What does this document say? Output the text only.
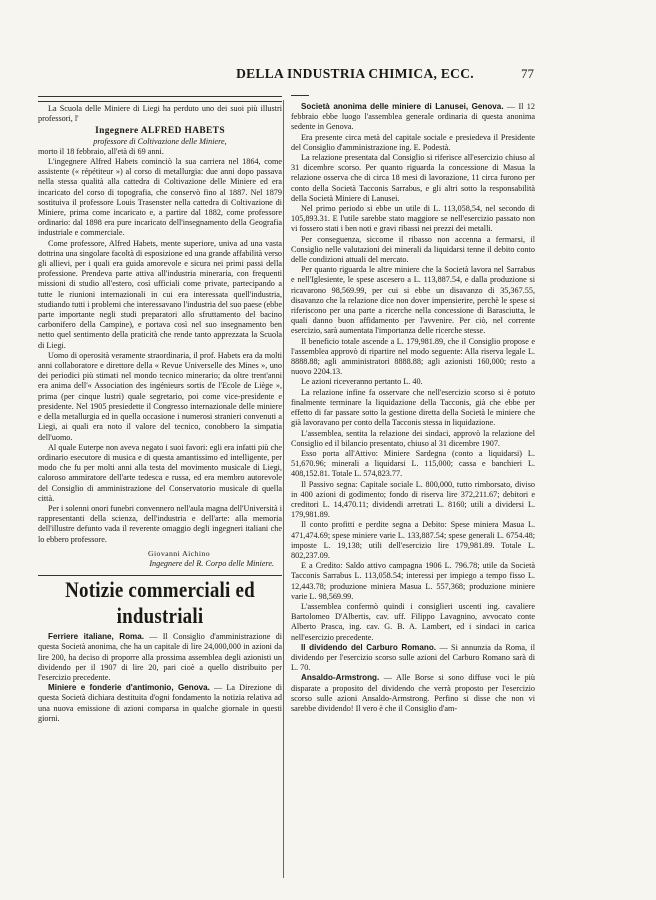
DELLA INDUSTRIA CHIMICA, ECC.	77

La Scuola delle Miniere di Liegi ha perduto uno dei suoi più illustri professori, l'

Ingegnere ALFRED HABETS

professore di Coltivazione delle Miniere,

morto il 18 febbraio, all'età di 69 anni.

L'ingegnere Alfred Habets cominciò la sua carriera nel 1864, come assistente (« répétiteur ») al corso di metallurgia: due anni dopo passava nella stessa qualità alla cattedra di Coltivazione delle Miniere ed era incaricato del corso di topografia, che conservò fino al 1887. Nel 1879 sostituiva il professore Louis Trasenster nella cattedra di Coltivazione di Miniere, prima come incaricato e, a partire dal 1882, come professore ordinario: dal 1898 era pure incaricato dell'insegnamento della Geografia industriale e commerciale.

Come professore, Alfred Habets, mente superiore, univa ad una vasta dottrina una singolare facoltà di esposizione ed una grande affabilità verso gli allievi, per i quali era guida amorevole e sicura nei primi passi della professione. Prendeva parte attiva all'industria mineraria, con frequenti missioni di studio all'estero, così ufficiali come private, partecipando a tutte le riunioni internazionali in cui era interessata quell'industria, studiando tutti i problemi che interessavano l'industria del suo paese (ebbe parte importante negli studi preparatori allo sfruttamento del bacino carbonifero della Campine), e portava così nel suo insegnamento ben netto quel sentimento della praticità che rende tanto apprezzata la Scuola di Liegi.

Uomo di operosità veramente straordinaria, il prof. Habets era da molti anni collaboratore e direttore della « Revue Universelle des Mines », uno dei periodici più stimati nel mondo tecnico minerario; da oltre trent'anni era anima dell'« Association des ingénieurs sortis de l'Ecole de Liège », prima (per cinque lustri) quale segretario, poi come vice-presidente e presidente. Nel 1905 presiedette il Congresso internazionale delle miniere e della metallurgia ed in quella occasione i numerosi stranieri convenuti a Liegi, ai quali era noto il valore del tecnico, conobbero la simpatia dell'uomo.

Al quale Euterpe non aveva negato i suoi favori: egli era infatti più che ordinario esecutore di musica e di questa amantissimo ed intelligente, per modo che fu per molti anni alla testa del movimento musicale di Liegi, caloroso ammiratore dell'arte tedesca e russa, ed era membro autorevole del Consiglio di amministrazione del Conservatorio musicale di quella città.

Per i solenni onori funebri convennero nell'aula magna dell'Università i rappresentanti della scienza, dell'industria e dell'arte: alla memoria dell'illustre defunto vada il reverente omaggio degli ingegneri italiani che lo ebbero professore.

Giovanni Aichino

Ingegnere del R. Corpo delle Miniere.

Notizie commerciali ed industriali

Ferriere italiane, Roma. — Il Consiglio d'amministrazione di questa Società anonima, che ha un capitale di lire 24,000,000 in azioni da lire 200, ha deciso di proporre alla prossima assemblea degli azionisti un dividendo per il 1907 di lire 20, pari cioè a quello distribuito per l'esercizio precedente.

Miniere e fonderie d'antimonio, Genova. — La Direzione di questa Società dichiara destituita d'ogni fondamento la notizia relativa ad una nuova emissione di azioni comparsa in qualche giornale in questi giorni.

Società anonima delle miniere di Lanusei, Genova. — Il 12 febbraio ebbe luogo l'assemblea generale ordinaria di questa anonima sedente in Genova.

Era presente circa metà del capitale sociale e presiedeva il Presidente del Consiglio d'amministrazione ing. E. Podestà.

La relazione presentata dal Consiglio si riferisce all'esercizio chiuso al 31 dicembre scorso. Per quanto riguarda la concessione di Masua la relazione osserva che di circa 18 mesi di lavorazione, 11 circa furono per conto della Società Tacconis Sarrabus, e gli altri sotto la responsabilità della Società Miniere di Lanusei.

Nel primo periodo si ebbe un utile di L. 113,058,54, nel secondo di 105,893.31. E l'utile sarebbe stato maggiore se nell'esercizio passato non vi fossero stati i ben noti e gravi ribassi nei prezzi dei metalli.

Per conseguenza, siccome il ribasso non accenna a fermarsi, il Consiglio nelle valutazioni dei minerali da liquidarsi tenne il debito conto delle condizioni attuali del mercato.

Per quanto riguarda le altre miniere che la Società lavora nel Sarrabus e nell'Iglesiente, le spese ascesero a L. 113,887.54, e dalla produzione si ricavarono 98,569.99, per cui si ebbe un disavanzo di 35,367.55, disavanzo che la relazione dice non dover impensierire, perchè le spese si riferiscono per una parte a ricerche nella concessione di Barasciutta, le quali danno buon affidamento per l'avvenire. Per ciò, nel corrente esercizio, sarà aumentata l'importanza delle ricerche stesse.

Il beneficio totale ascende a L. 179,981.89, che il Consiglio propose e l'assemblea approvò di ripartire nel modo seguente: Alla riserva legale L. 8888.88; agli amministratori 8888.88; agli azionisti 160,000; resto a nuovo 2204.13.

Le azioni riceveranno pertanto L. 40.

La relazione infine fa osservare che nell'esercizio scorso si è potuto finalmente terminare la liquidazione della Tacconis, già che ebbe per effetto di far passare sotto la gestione diretta della Società le miniere che già lavoravano per conto della Tacconis stessa in liquidazione.

L'assemblea, sentita la relazione dei sindaci, approvò la relazione del Consiglio ed il bilancio presentato, chiuso al 31 dicembre 1907.

Esso porta all'Attivo: Miniere Sardegna (conto a liquidarsi) L. 51,670.96; minerali a liquidarsi L. 115,000; cassa e banchieri L. 408,152.81. Totale L. 574,823.77.

Il Passivo segna: Capitale sociale L. 800,000, tutto rimborsato, diviso in 400 azioni di godimento; fondo di riserva lire 372,211.67; debitori e creditori L. 14,470.11; dividendi arretrati L. 8160; utili a dividersi L. 179,981.89.

Il conto profitti e perdite segna a Debito: Spese miniera Masua L. 471,474.69; spese miniere varie L. 133,887.54; spese generali L. 6754.48; imposte L. 19,138; utili dell'esercizio lire 179,981.89. Totale L. 802,237.09.

E a Credito: Saldo attivo campagna 1906 L. 796.78; utile da Società Tacconis Sarrabus L. 113,058.54; interessi per impiego a tempo fisso L. 12,443.78; produzione miniera Masua L. 557,368; produzione miniere varie L. 98,569.99.

L'assemblea confermò quindi i consiglieri uscenti ing. cavaliere Bartolomeo D'Albertis, cav. uff. Filippo Lavagnino, avvocato conte Alberto Prasca, ing. cav. G. B. A. Lambert, ed i sindaci in carica nell'esercizio precedente.

Il dividendo del Carburo Romano. — Si annunzia da Roma, il dividendo per l'esercizio scorso sulle azioni del Carburo Romano sarà di L. 70.

Ansaldo-Armstrong. — Alle Borse si sono diffuse voci le più disparate a proposito del dividendo che verrà proposto per l'esercizio scorso sulle azioni Ansaldo-Armstrong. Perfino si disse che non vi sarebbe dividendo! Il vero è che il Consiglio d'am-
